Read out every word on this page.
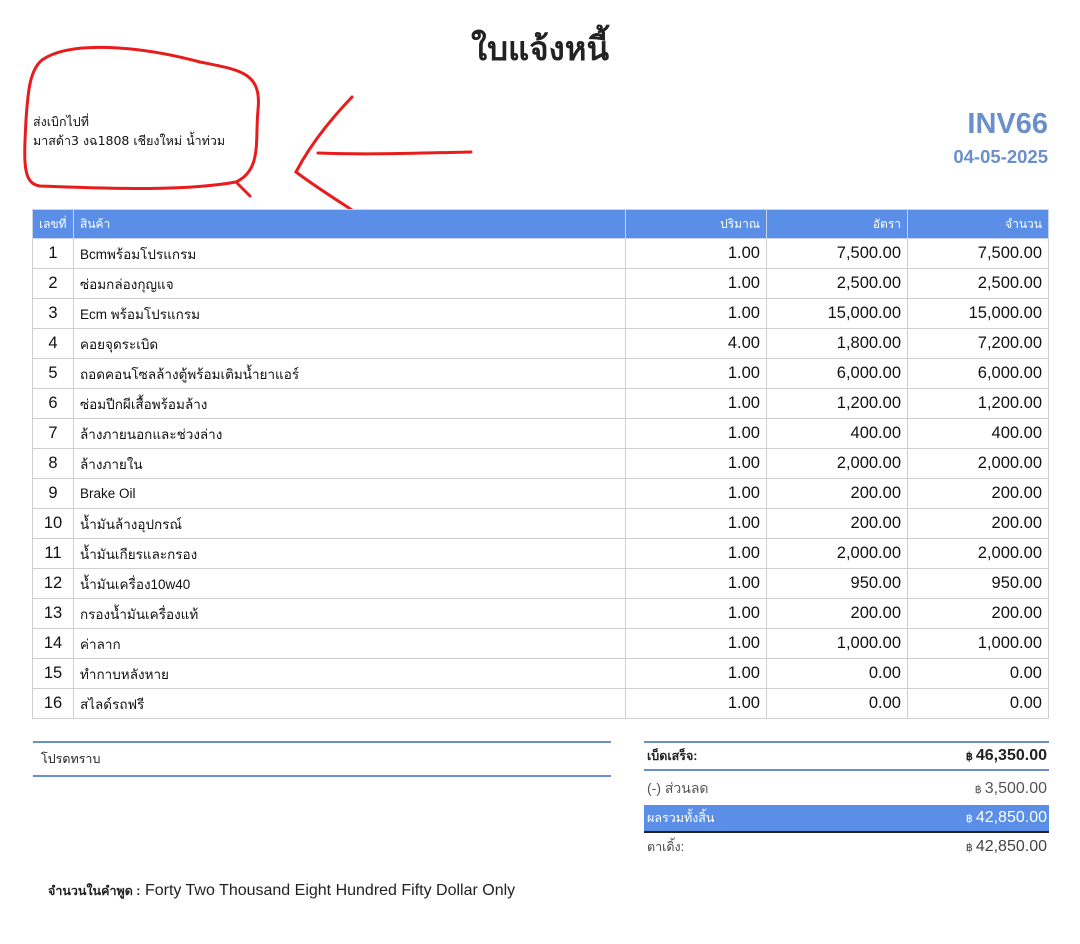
ใบแจ้งหนี้
ส่งเบิกไปที่
มาสด้า3 งฉ1808 เชียงใหม่ น้ำท่วม
INV66
04-05-2025
เลขที่	สินค้า	ปริมาณ	อัตรา	จำนวน
1	Bcmพร้อมโปรแกรม	1.00	7,500.00	7,500.00
2	ซ่อมกล่องกุญแจ	1.00	2,500.00	2,500.00
3	Ecm พร้อมโปรแกรม	1.00	15,000.00	15,000.00
4	คอยจุดระเบิด	4.00	1,800.00	7,200.00
5	ถอดคอนโซลล้างตู้พร้อมเติมน้ำยาแอร์	1.00	6,000.00	6,000.00
6	ซ่อมปีกผีเสื้อพร้อมล้าง	1.00	1,200.00	1,200.00
7	ล้างภายนอกและช่วงล่าง	1.00	400.00	400.00
8	ล้างภายใน	1.00	2,000.00	2,000.00
9	Brake Oil	1.00	200.00	200.00
10	น้ำมันล้างอุปกรณ์	1.00	200.00	200.00
11	น้ำมันเกียรและกรอง	1.00	2,000.00	2,000.00
12	น้ำมันเครื่อง10w40	1.00	950.00	950.00
13	กรองน้ำมันเครื่องแท้	1.00	200.00	200.00
14	ค่าลาก	1.00	1,000.00	1,000.00
15	ทำกาบหลังหาย	1.00	0.00	0.00
16	สไลด์รถฟรี	1.00	0.00	0.00
โปรดทราบ	เบ็ดเสร็จ:	฿ 46,350.00
(-) ส่วนลด	฿ 3,500.00
ผลรวมทั้งสิ้น	฿ 42,850.00
ตาเดิ้ง:	฿ 42,850.00
จำนวนในคำพูด : Forty Two Thousand Eight Hundred Fifty Dollar Only
